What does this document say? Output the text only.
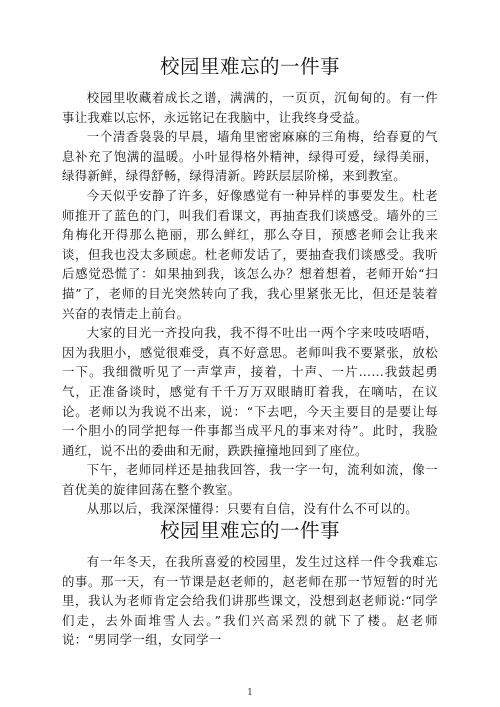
校园里难忘的一件事

校园里收藏着成长之谱，满满的，一页页，沉甸甸的。有一件事让我难以忘怀，永远铭记在我脑中，让我终身受益。

一个清香袅袅的早晨，墙角里密密麻麻的三角梅，给春夏的气息补充了饱满的温暖。小叶显得格外精神，绿得可爱，绿得美丽，绿得新鲜，绿得舒畅，绿得清新。跨跃层层阶梯，来到教室。

今天似乎安静了许多，好像感觉有一种异样的事要发生。杜老师推开了蓝色的门，叫我们看课文，再抽查我们谈感受。墙外的三角梅化开得那么艳丽，那么鲜红，那么夺目，预感老师会让我来谈，但我也没太多顾虑。杜老师发话了，要抽查我们谈感受。我听后感觉恐慌了：如果抽到我，该怎么办？想着想着，老师开始“扫描”了，老师的目光突然转向了我，我心里紧张无比，但还是装着兴奋的表情走上前台。

大家的目光一齐投向我，我不得不吐出一两个字来吱吱唔唔，因为我胆小，感觉很难受，真不好意思。老师叫我不要紧张，放松一下。我细微听见了一声掌声，接着，十声、一片……我鼓起勇气，正准备谈时，感觉有千千万万双眼睛盯着我，在嘀咕，在议论。老师以为我说不出来，说：“下去吧，今天主要目的是要让每一个胆小的同学把每一件事都当成平凡的事来对待”。此时，我脸通红，说不出的委曲和无耐，跌跌撞撞地回到了座位。

下午，老师同样还是抽我回答，我一字一句，流利如流，像一首优美的旋律回荡在整个教室。

从那以后，我深深懂得：只要有自信，没有什么不可以的。

校园里难忘的一件事

有一年冬天，在我所喜爱的校园里，发生过这样一件令我难忘的事。那一天，有一节课是赵老师的，赵老师在那一节短暂的时光里，我认为老师肯定会给我们讲那些课文，没想到赵老师说:“同学们走，去外面堆雪人去。”我们兴高采烈的就下了楼。赵老师说：“男同学一组，女同学一

1
